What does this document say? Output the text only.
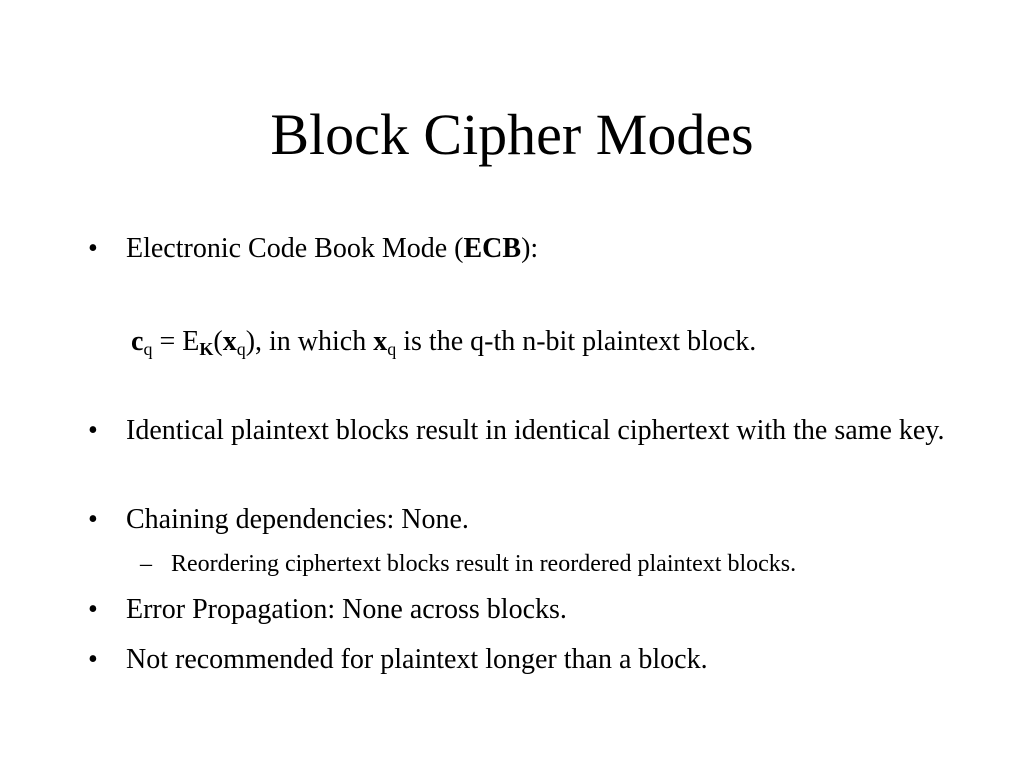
Block Cipher Modes
• Electronic Code Book Mode (ECB):
$c_q = E_K(x_q)$, in which $x_q$ is the q-th n-bit plaintext block.
• Identical plaintext blocks result in identical ciphertext with the same key.
• Chaining dependencies: None.
– Reordering ciphertext blocks result in reordered plaintext blocks.
• Error Propagation: None across blocks.
• Not recommended for plaintext longer than a block.
